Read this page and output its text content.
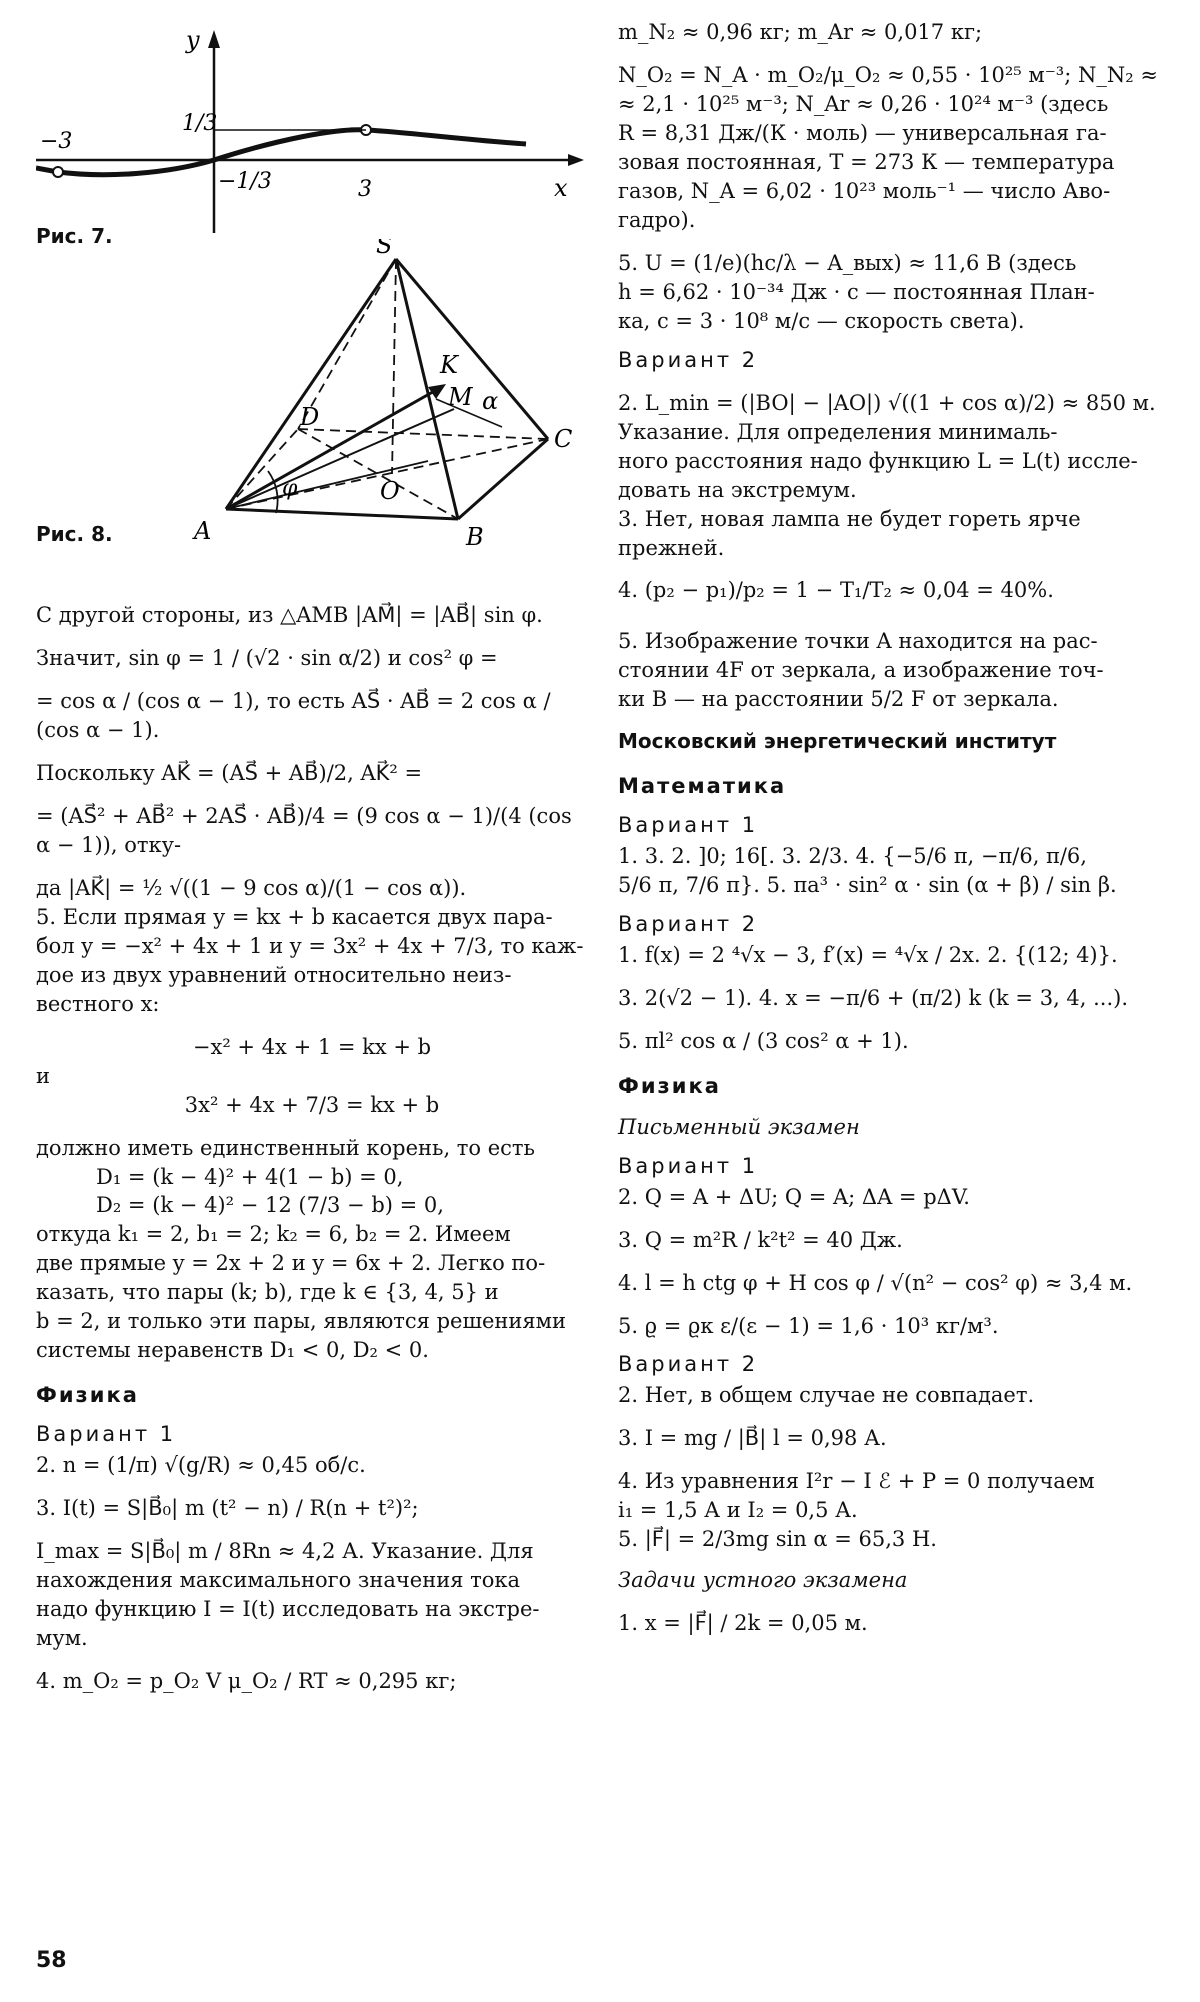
y
x
−3
3
1/3
−1/3
Рис. 7.	S
K
M α
D
C
O
φ
A	B
Рис. 8.

С другой стороны, из △AMB |AM⃗| = |AB⃗| sin φ.

Значит, sin φ = 1 / (√2 · sin α/2) и cos² φ =

= cos α / (cos α − 1), то есть AS⃗ · AB⃗ = 2 cos α / (cos α − 1).

Поскольку AK⃗ = (AS⃗ + AB⃗)/2, AK⃗² =

= (AS⃗² + AB⃗² + 2AS⃗ · AB⃗)/4 = (9 cos α − 1)/(4 (cos α − 1)), отку-

да |AK⃗| = ½ √((1 − 9 cos α)/(1 − cos α)).

5. Если прямая y = kx + b касается двух пара-

бол y = −x² + 4x + 1 и y = 3x² + 4x + 7/3, то каж-

дое из двух уравнений относительно неиз-

вестного x:

−x² + 4x + 1 = kx + b

и

3x² + 4x + 7/3 = kx + b

должно иметь единственный корень, то есть

D₁ = (k − 4)² + 4(1 − b) = 0,

D₂ = (k − 4)² − 12 (7/3 − b) = 0,

откуда k₁ = 2, b₁ = 2; k₂ = 6, b₂ = 2. Имеем

две прямые y = 2x + 2 и y = 6x + 2. Легко по-

казать, что пары (k; b), где k ∈ {3, 4, 5} и

b = 2, и только эти пары, являются решениями

системы неравенств D₁ < 0, D₂ < 0.

Физика

Вариант 1

2. n = (1/π) √(g/R) ≈ 0,45 об/с.

3. I(t) = S|B⃗₀| m (t² − n) / R(n + t²)²;

I_max = S|B⃗₀| m / 8Rn ≈ 4,2 А. Указание. Для

нахождения максимального значения тока

надо функцию I = I(t) исследовать на экстре-

мум.

4. m_O₂ = p_O₂ V μ_O₂ / RT ≈ 0,295 кг;

m_N₂ ≈ 0,96 кг; m_Ar ≈ 0,017 кг;

N_O₂ = N_A · m_O₂/μ_O₂ ≈ 0,55 · 10²⁵ м⁻³; N_N₂ ≈

≈ 2,1 · 10²⁵ м⁻³; N_Ar ≈ 0,26 · 10²⁴ м⁻³ (здесь

R = 8,31 Дж/(К · моль) — универсальная га-

зовая постоянная, T = 273 К — температура

газов, N_A = 6,02 · 10²³ моль⁻¹ — число Аво-

гадро).

5. U = (1/e)(hc/λ − A_вых) ≈ 11,6 В (здесь

h = 6,62 · 10⁻³⁴ Дж · с — постоянная План-

ка, c = 3 · 10⁸ м/с — скорость света).

Вариант 2

2. L_min = (|BO| − |AO|) √((1 + cos α)/2) ≈ 850 м.

Указание. Для определения минималь-

ного расстояния надо функцию L = L(t) иссле-

довать на экстремум.

3. Нет, новая лампа не будет гореть ярче

прежней.

4. (p₂ − p₁)/p₂ = 1 − T₁/T₂ ≈ 0,04 = 40%.

5. Изображение точки A находится на рас-

стоянии 4F от зеркала, а изображение точ-

ки B — на расстоянии 5/2 F от зеркала.

Московский энергетический институт

Математика

Вариант 1

1. 3. 2. ]0; 16[. 3. 2/3. 4. {−5/6 π, −π/6, π/6,

5/6 π, 7/6 π}. 5. πa³ · sin² α · sin (α + β) / sin β.

Вариант 2

1. f(x) = 2 ⁴√x − 3, f′(x) = ⁴√x / 2x. 2. {(12; 4)}.

3. 2(√2 − 1). 4. x = −π/6 + (π/2) k (k = 3, 4, ...).

5. πl² cos α / (3 cos² α + 1).

Физика

Письменный экзамен

Вариант 1

2. Q = A + ΔU; Q = A; ΔA = pΔV.

3. Q = m²R / k²t² = 40 Дж.

4. l = h ctg φ + H cos φ / √(n² − cos² φ) ≈ 3,4 м.

5. ϱ = ϱк ε/(ε − 1) = 1,6 · 10³ кг/м³.

Вариант 2

2. Нет, в общем случае не совпадает.

3. I = mg / |B⃗| l = 0,98 А.

4. Из уравнения I²r − I ℰ + P = 0 получаем

i₁ = 1,5 А и I₂ = 0,5 А.

5. |F⃗| = 2/3mg sin α = 65,3 Н.

Задачи устного экзамена

1. x = |F⃗| / 2k = 0,05 м.

58
